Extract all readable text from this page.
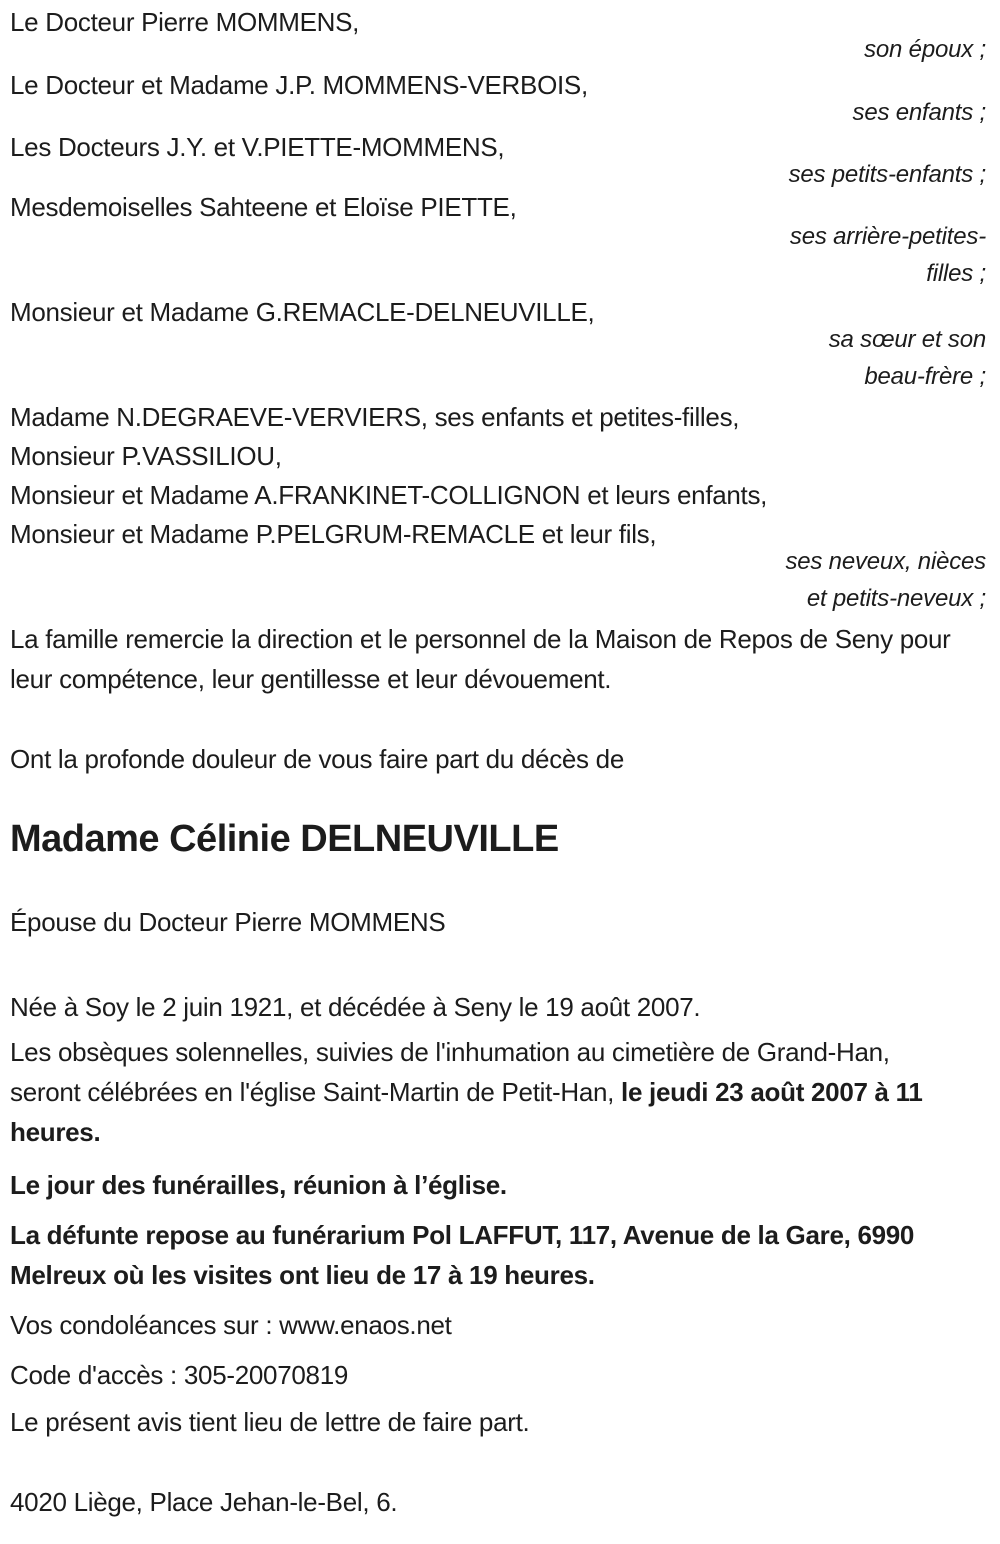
Le Docteur Pierre MOMMENS,
son époux ;
Le Docteur et Madame J.P. MOMMENS-VERBOIS,
ses enfants ;
Les Docteurs J.Y. et V.PIETTE-MOMMENS,
ses petits-enfants ;
Mesdemoiselles Sahteene et Eloïse PIETTE,
ses arrière-petites-
filles ;
Monsieur et Madame G.REMACLE-DELNEUVILLE,
sa sœur et son
beau-frère ;
Madame N.DEGRAEVE-VERVIERS, ses enfants et petites-filles,
Monsieur P.VASSILIOU,
Monsieur et Madame A.FRANKINET-COLLIGNON et leurs enfants,
Monsieur et Madame P.PELGRUM-REMACLE et leur fils,
ses neveux, nièces
et petits-neveux ;
La famille remercie la direction et le personnel de la Maison de Repos de Seny pour leur compétence, leur gentillesse et leur dévouement.
Ont la profonde douleur de vous faire part du décès de
Madame Célinie DELNEUVILLE
Épouse du Docteur Pierre MOMMENS
Née à Soy le 2 juin 1921, et décédée à Seny le 19 août 2007.
Les obsèques solennelles, suivies de l'inhumation au cimetière de Grand-Han, seront célébrées en l'église Saint-Martin de Petit-Han, le jeudi 23 août 2007 à 11 heures.
Le jour des funérailles, réunion à l’église.
La défunte repose au funérarium Pol LAFFUT, 117, Avenue de la Gare, 6990 Melreux où les visites ont lieu de 17 à 19 heures.
Vos condoléances sur : www.enaos.net
Code d'accès : 305-20070819
Le présent avis tient lieu de lettre de faire part.
4020 Liège, Place Jehan-le-Bel, 6.
